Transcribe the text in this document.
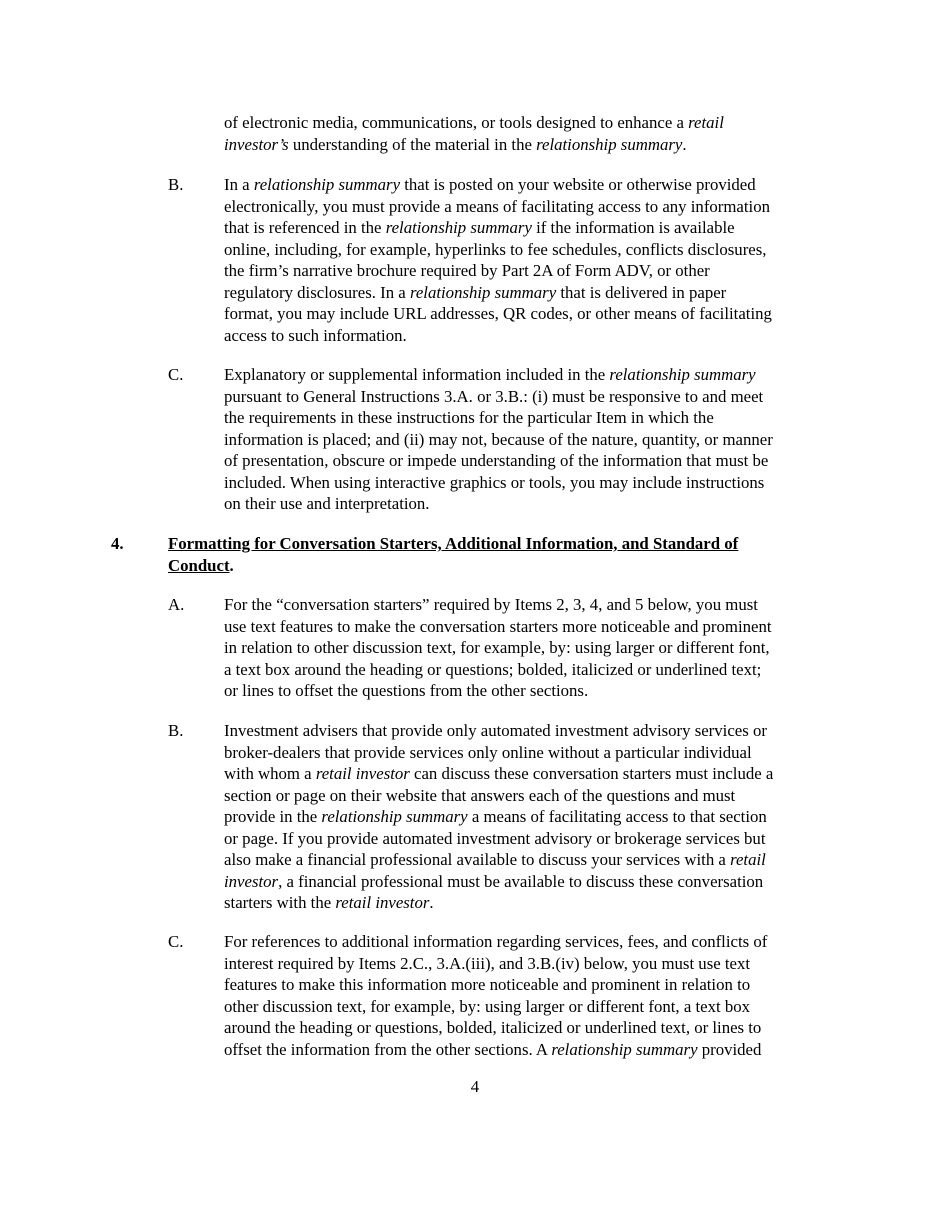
of electronic media, communications, or tools designed to enhance a retail
investor’s understanding of the material in the relationship summary.
B. In a relationship summary that is posted on your website or otherwise provided
electronically, you must provide a means of facilitating access to any information
that is referenced in the relationship summary if the information is available
online, including, for example, hyperlinks to fee schedules, conflicts disclosures,
the firm’s narrative brochure required by Part 2A of Form ADV, or other
regulatory disclosures. In a relationship summary that is delivered in paper
format, you may include URL addresses, QR codes, or other means of facilitating
access to such information.
C. Explanatory or supplemental information included in the relationship summary
pursuant to General Instructions 3.A. or 3.B.: (i) must be responsive to and meet
the requirements in these instructions for the particular Item in which the
information is placed; and (ii) may not, because of the nature, quantity, or manner
of presentation, obscure or impede understanding of the information that must be
included. When using interactive graphics or tools, you may include instructions
on their use and interpretation.
4.	Formatting for Conversation Starters, Additional Information, and Standard of
Conduct.
A. For the “conversation starters” required by Items 2, 3, 4, and 5 below, you must
use text features to make the conversation starters more noticeable and prominent
in relation to other discussion text, for example, by: using larger or different font,
a text box around the heading or questions; bolded, italicized or underlined text;
or lines to offset the questions from the other sections.
B. Investment advisers that provide only automated investment advisory services or
broker-dealers that provide services only online without a particular individual
with whom a retail investor can discuss these conversation starters must include a
section or page on their website that answers each of the questions and must
provide in the relationship summary a means of facilitating access to that section
or page. If you provide automated investment advisory or brokerage services but
also make a financial professional available to discuss your services with a retail
investor, a financial professional must be available to discuss these conversation
starters with the retail investor.
C. For references to additional information regarding services, fees, and conflicts of
interest required by Items 2.C., 3.A.(iii), and 3.B.(iv) below, you must use text
features to make this information more noticeable and prominent in relation to
other discussion text, for example, by: using larger or different font, a text box
around the heading or questions, bolded, italicized or underlined text, or lines to
offset the information from the other sections. A relationship summary provided
4
